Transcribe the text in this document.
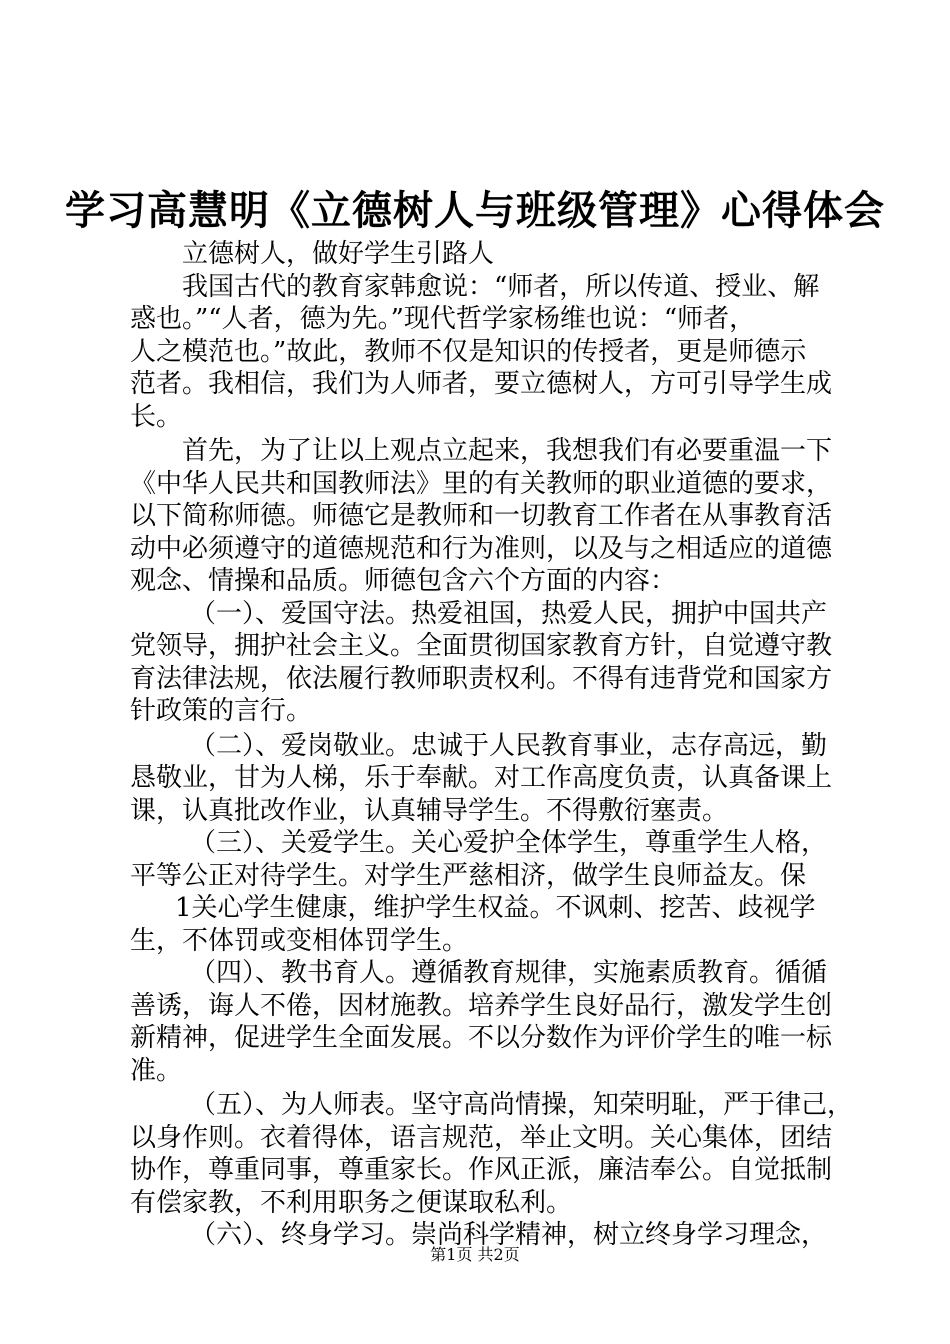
学习高慧明《立德树人与班级管理》心得体会
立德树人，做好学生引路人
我国古代的教育家韩愈说：“师者，所以传道、授业、解
惑也。”“人者，德为先。”现代哲学家杨维也说：“师者，
人之模范也。”故此，教师不仅是知识的传授者，更是师德示
范者。我相信，我们为人师者，要立德树人，方可引导学生成
长。
首先，为了让以上观点立起来，我想我们有必要重温一下
《中华人民共和国教师法》里的有关教师的职业道德的要求，
以下简称师德。师德它是教师和一切教育工作者在从事教育活
动中必须遵守的道德规范和行为准则，以及与之相适应的道德
观念、情操和品质。师德包含六个方面的内容：
（一）、爱国守法。热爱祖国，热爱人民，拥护中国共产
党领导，拥护社会主义。全面贯彻国家教育方针，自觉遵守教
育法律法规，依法履行教师职责权利。不得有违背党和国家方
针政策的言行。
（二）、爱岗敬业。忠诚于人民教育事业，志存高远，勤
恳敬业，甘为人梯，乐于奉献。对工作高度负责，认真备课上
课，认真批改作业，认真辅导学生。不得敷衍塞责。
（三）、关爱学生。关心爱护全体学生，尊重学生人格，
平等公正对待学生。对学生严慈相济，做学生良师益友。保
1关心学生健康，维护学生权益。不讽刺、挖苦、歧视学
生，不体罚或变相体罚学生。
（四）、教书育人。遵循教育规律，实施素质教育。循循
善诱，诲人不倦，因材施教。培养学生良好品行，激发学生创
新精神，促进学生全面发展。不以分数作为评价学生的唯一标
准。
（五）、为人师表。坚守高尚情操，知荣明耻，严于律己，
以身作则。衣着得体，语言规范，举止文明。关心集体，团结
协作，尊重同事，尊重家长。作风正派，廉洁奉公。自觉抵制
有偿家教，不利用职务之便谋取私利。
（六）、终身学习。崇尚科学精神，树立终身学习理念，
第1页 共2页
